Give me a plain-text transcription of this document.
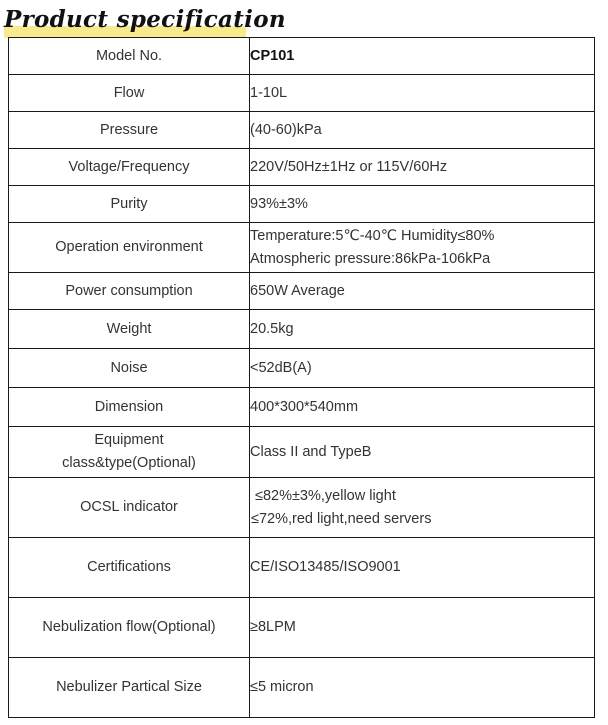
Product specification
Model No.	CP101
Flow	1-10L
Pressure	(40-60)kPa
Voltage/Frequency	220V/50Hz±1Hz or 115V/60Hz
Purity	93%±3%
Operation environment	Temperature:5℃-40℃ Humidity≤80%
Atmospheric pressure:86kPa-106kPa

Power consumption	650W Average
Weight	20.5kg
Noise	<52dB(A)
Dimension	400*300*540mm

Equipment
class&type(Optional)	Class II and TypeB
OCSL indicator	≤82%±3%,yellow light
≤72%,red light,need servers

Certifications	CE/ISO13485/ISO9001
Nebulization flow(Optional)	≥8LPM
Nebulizer Partical Size	≤5 micron
